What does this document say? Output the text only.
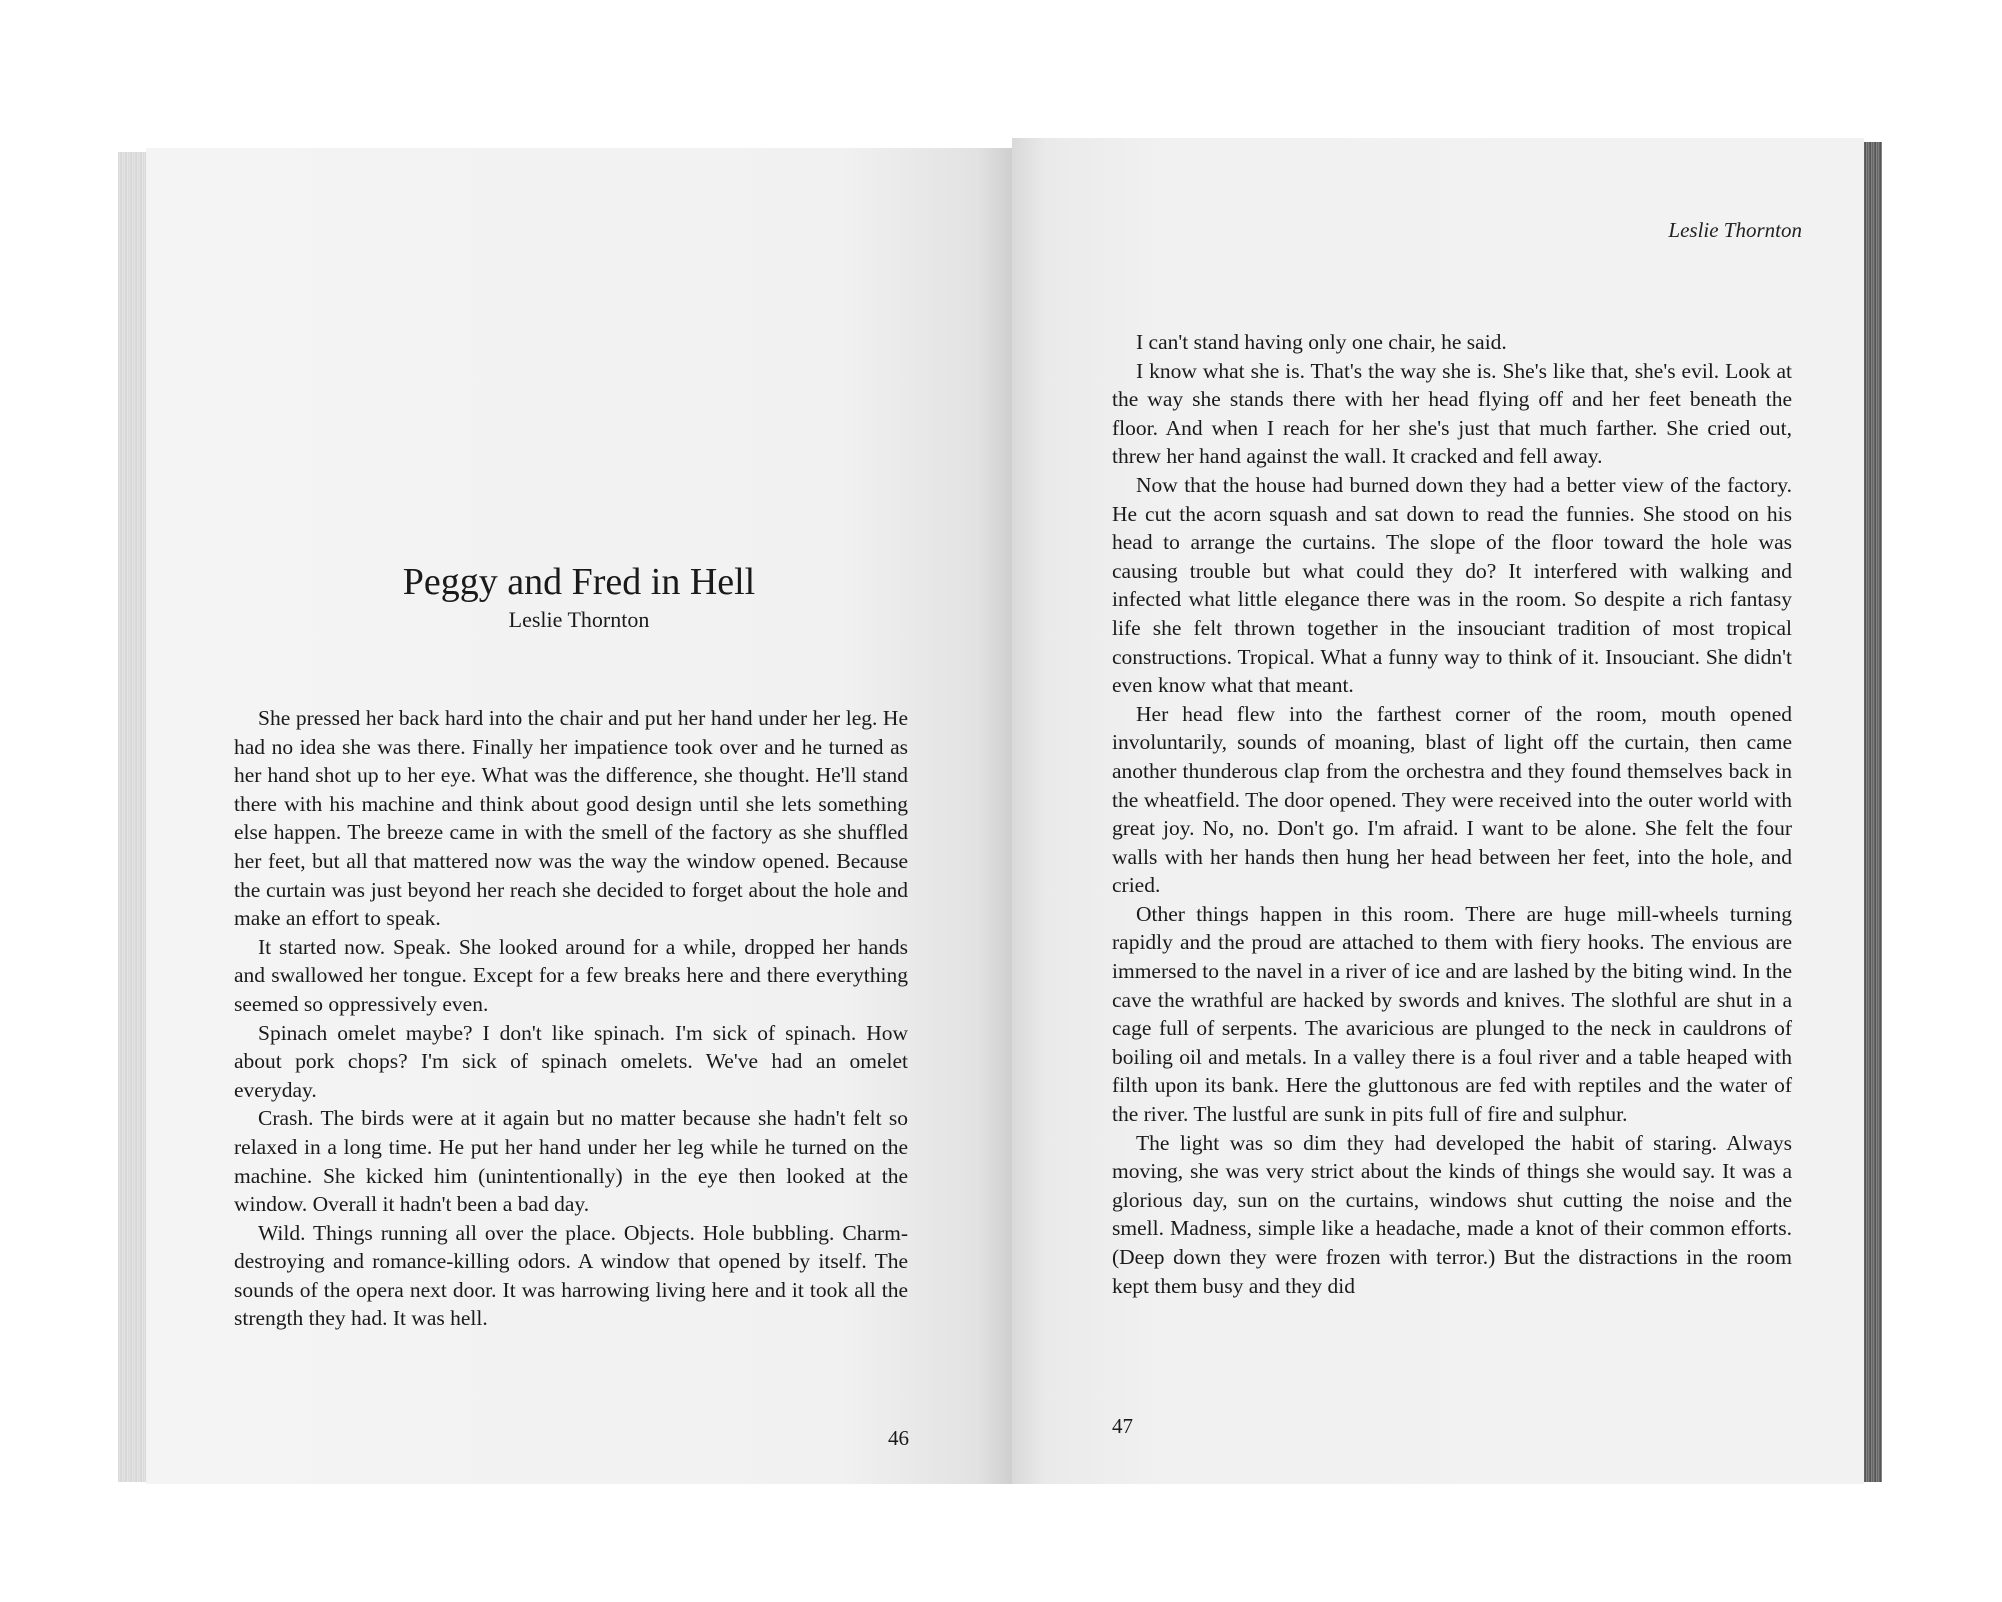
Peggy and Fred in Hell
Leslie Thornton

She pressed her back hard into the chair and put her hand under her leg. He had no idea she was there. Finally her impatience took over and he turned as her hand shot up to her eye. What was the difference, she thought. He'll stand there with his machine and think about good design until she lets something else happen. The breeze came in with the smell of the factory as she shuffled her feet, but all that mattered now was the way the window opened. Because the curtain was just beyond her reach she decided to forget about the hole and make an effort to speak.

It started now. Speak. She looked around for a while, dropped her hands and swallowed her tongue. Except for a few breaks here and there everything seemed so oppressively even.

Spinach omelet maybe? I don't like spinach. I'm sick of spinach. How about pork chops? I'm sick of spinach omelets. We've had an omelet everyday.

Crash. The birds were at it again but no matter because she hadn't felt so relaxed in a long time. He put her hand under her leg while he turned on the machine. She kicked him (unintentionally) in the eye then looked at the window. Overall it hadn't been a bad day.

Wild. Things running all over the place. Objects. Hole bubbling. Charm-destroying and romance-killing odors. A window that opened by itself. The sounds of the opera next door. It was harrowing living here and it took all the strength they had. It was hell.

46
Leslie Thornton

I can't stand having only one chair, he said.

I know what she is. That's the way she is. She's like that, she's evil. Look at the way she stands there with her head flying off and her feet beneath the floor. And when I reach for her she's just that much farther. She cried out, threw her hand against the wall. It cracked and fell away.

Now that the house had burned down they had a better view of the factory. He cut the acorn squash and sat down to read the funnies. She stood on his head to arrange the curtains. The slope of the floor toward the hole was causing trouble but what could they do? It interfered with walking and infected what little elegance there was in the room. So despite a rich fantasy life she felt thrown together in the insouciant tradition of most tropical constructions. Tropical. What a funny way to think of it. Insouciant. She didn't even know what that meant.

Her head flew into the farthest corner of the room, mouth opened involuntarily, sounds of moaning, blast of light off the curtain, then came another thunderous clap from the orchestra and they found themselves back in the wheatfield. The door opened. They were received into the outer world with great joy. No, no. Don't go. I'm afraid. I want to be alone. She felt the four walls with her hands then hung her head between her feet, into the hole, and cried.

Other things happen in this room. There are huge mill-wheels turning rapidly and the proud are attached to them with fiery hooks. The envious are immersed to the navel in a river of ice and are lashed by the biting wind. In the cave the wrathful are hacked by swords and knives. The slothful are shut in a cage full of serpents. The avaricious are plunged to the neck in cauldrons of boiling oil and metals. In a valley there is a foul river and a table heaped with filth upon its bank. Here the gluttonous are fed with reptiles and the water of the river. The lustful are sunk in pits full of fire and sulphur.

The light was so dim they had developed the habit of staring. Always moving, she was very strict about the kinds of things she would say. It was a glorious day, sun on the curtains, windows shut cutting the noise and the smell. Madness, simple like a headache, made a knot of their common efforts. (Deep down they were frozen with terror.) But the distractions in the room kept them busy and they did

47
